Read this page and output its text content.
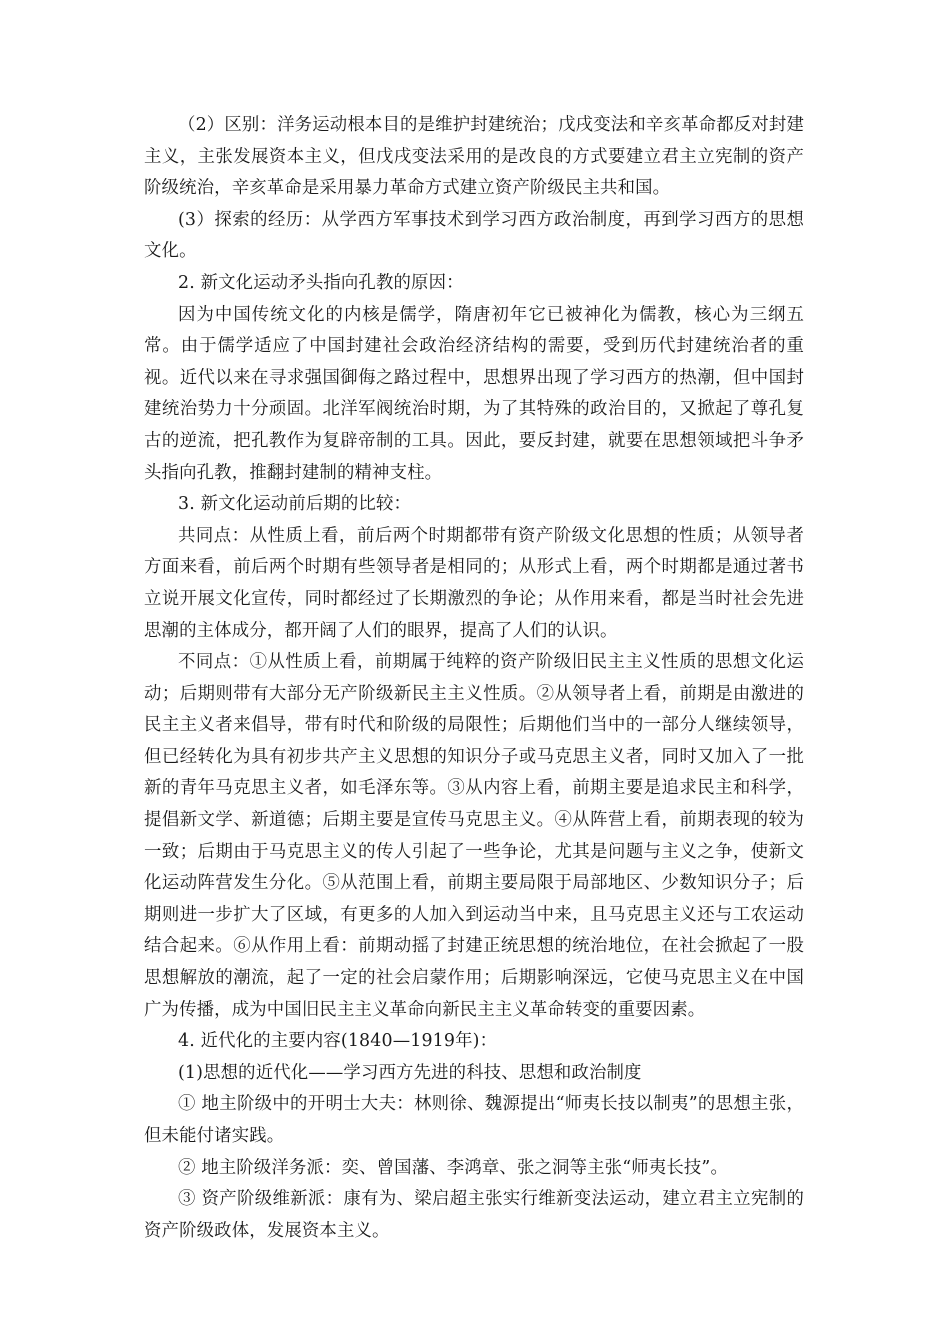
（2）区别：洋务运动根本目的是维护封建统治；戊戌变法和辛亥革命都反对封建主义，主张发展资本主义，但戊戌变法采用的是改良的方式要建立君主立宪制的资产阶级统治，辛亥革命是采用暴力革命方式建立资产阶级民主共和国。

(3）探索的经历：从学西方军事技术到学习西方政治制度，再到学习西方的思想文化。

2. 新文化运动矛头指向孔教的原因：

因为中国传统文化的内核是儒学，隋唐初年它已被神化为儒教，核心为三纲五常。由于儒学适应了中国封建社会政治经济结构的需要，受到历代封建统治者的重视。近代以来在寻求强国御侮之路过程中，思想界出现了学习西方的热潮，但中国封建统治势力十分顽固。北洋军阀统治时期，为了其特殊的政治目的，又掀起了尊孔复古的逆流，把孔教作为复辟帝制的工具。因此，要反封建，就要在思想领域把斗争矛头指向孔教，推翻封建制的精神支柱。

3. 新文化运动前后期的比较：

共同点：从性质上看，前后两个时期都带有资产阶级文化思想的性质；从领导者方面来看，前后两个时期有些领导者是相同的；从形式上看，两个时期都是通过著书立说开展文化宣传，同时都经过了长期激烈的争论；从作用来看，都是当时社会先进思潮的主体成分，都开阔了人们的眼界，提高了人们的认识。

不同点：①从性质上看，前期属于纯粹的资产阶级旧民主主义性质的思想文化运动；后期则带有大部分无产阶级新民主主义性质。②从领导者上看，前期是由激进的民主主义者来倡导，带有时代和阶级的局限性；后期他们当中的一部分人继续领导，但已经转化为具有初步共产主义思想的知识分子或马克思主义者，同时又加入了一批新的青年马克思主义者，如毛泽东等。③从内容上看，前期主要是追求民主和科学，提倡新文学、新道德；后期主要是宣传马克思主义。④从阵营上看，前期表现的较为一致；后期由于马克思主义的传人引起了一些争论，尤其是问题与主义之争，使新文化运动阵营发生分化。⑤从范围上看，前期主要局限于局部地区、少数知识分子；后期则进一步扩大了区域，有更多的人加入到运动当中来，且马克思主义还与工农运动结合起来。⑥从作用上看：前期动摇了封建正统思想的统治地位，在社会掀起了一股思想解放的潮流，起了一定的社会启蒙作用；后期影响深远，它使马克思主义在中国广为传播，成为中国旧民主主义革命向新民主主义革命转变的重要因素。

4. 近代化的主要内容(1840—1919年)：

(1)思想的近代化——学习西方先进的科技、思想和政治制度

① 地主阶级中的开明士大夫：林则徐、魏源提出“师夷长技以制夷”的思想主张，但未能付诸实践。

② 地主阶级洋务派：奕、曾国藩、李鸿章、张之洞等主张“师夷长技”。

③ 资产阶级维新派：康有为、梁启超主张实行维新变法运动，建立君主立宪制的资产阶级政体，发展资本主义。
